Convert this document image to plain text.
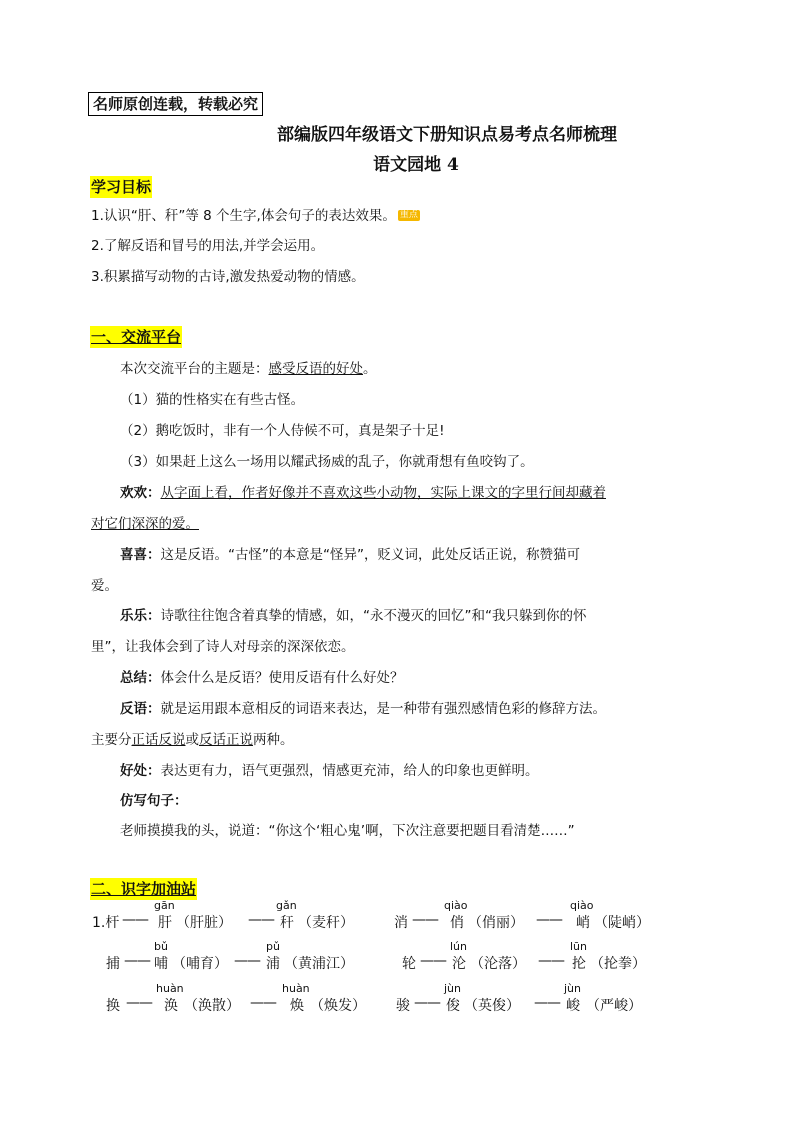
名师原创连载，转载必究
部编版四年级语文下册知识点易考点名师梳理
语文园地 4
学习目标
1.认识“肝、秆”等 8 个生字,体会句子的表达效果。 重点
2.了解反语和冒号的用法,并学会运用。
3.积累描写动物的古诗,激发热爱动物的情感。
一、交流平台
本次交流平台的主题是：感受反语的好处。
（1）猫的性格实在有些古怪。
（2）鹅吃饭时，非有一个人侍候不可，真是架子十足!
（3）如果赶上这么一场用以耀武扬威的乱子，你就甭想有鱼咬钩了。
欢欢：从字面上看，作者好像并不喜欢这些小动物，实际上课文的字里行间却藏着
对它们深深的爱。
喜喜：这是反语。“古怪”的本意是“怪异”，贬义词，此处反话正说，称赞猫可
爱。
乐乐：诗歌往往饱含着真挚的情感，如，“永不漫灭的回忆”和“我只躲到你的怀
里”，让我体会到了诗人对母亲的深深依恋。
总结：体会什么是反语？使用反语有什么好处？
反语：就是运用跟本意相反的词语来表达，是一种带有强烈感情色彩的修辞方法。
主要分正话反说或反话正说两种。
好处：表达更有力，语气更强烈，情感更充沛，给人的印象也更鲜明。
仿写句子：
老师摸摸我的头，说道：“你这个‘粗心鬼’啊，下次注意要把题目看清楚……”
二、识字加油站
1.杆 ——
gān
肝 （肝脏） ——
gǎn
秆 （麦秆）	消 ——
qiào
俏 （俏丽） ——
qiào
峭 （陡峭）
捕 ——
bǔ
哺 （哺育） ——
pǔ
浦 （黄浦江）	轮 ——
lún
沦 （沦落） ——
lūn
抡 （抡拳）
换 ——
huàn
涣 （涣散） ——
huàn
焕 （焕发） 骏 ——
jùn
俊 （英俊） ——
jùn
峻 （严峻）
